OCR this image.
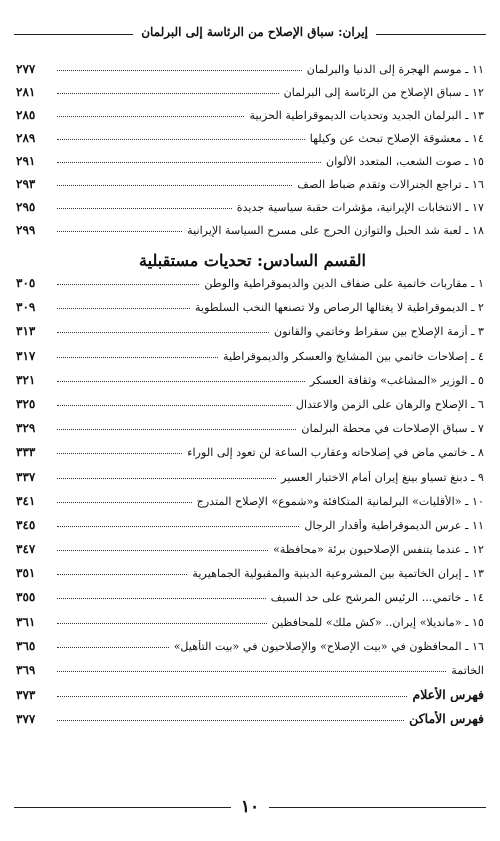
إيران: سباق الإصلاح من الرئاسة إلى البرلمان
١١ ـ موسم الهجرة إلى الدنيا والبرلمان
٢٧٧
١٢ ـ سباق الإصلاح من الرئاسة إلى البرلمان
٢٨١
١٣ ـ البرلمان الجديد وتحديات الديموقراطية الحزبية
٢٨٥
١٤ ـ معشوقة الإصلاح تبحث عن وكيلها
٢٨٩
١٥ ـ صوت الشعب، المتعدد الألوان
٢٩١
١٦ ـ تراجع الجنرالات وتقدم ضباط الصف
٢٩٣
١٧ ـ الانتخابات الإيرانية، مؤشرات حقبة سياسية جديدة
٢٩٥
١٨ ـ لعبة شد الحبل والتوازن الحرج على مسرح السياسة الإيرانية
٢٩٩
القسم السادس: تحديات مستقبلية
١ ـ مقاربات خاتمية على ضفاف الدين والديموقراطية والوطن
٣٠٥
٢ ـ الديموقراطية لا يغتالها الرصاص ولا تصنعها النخب السلطوية
٣٠٩
٣ ـ أزمة الإصلاح بين سقراط وخاتمي والقانون
٣١٣
٤ ـ إصلاحات خاتمي بين المشايخ والعسكر والديموقراطية
٣١٧
٥ ـ الوزير «المشاغب» وثقافة العسكر
٣٢١
٦ ـ الإصلاح والرهان على الزمن والاعتدال
٣٢٥
٧ ـ سباق الإصلاحات في محطة البرلمان
٣٢٩
٨ ـ خاتمي ماض في إصلاحاته وعقارب الساعة لن تعود إلى الوراء
٣٣٣
٩ ـ دبنغ تسياو بينغ إيران أمام الاختبار العسير
٣٣٧
١٠ ـ «الأقليات» البرلمانية المتكافئة و«شموع» الإصلاح المتدرج
٣٤١
١١ ـ عرس الديموقراطية وأقدار الرجال
٣٤٥
١٢ ـ عندما يتنفس الإصلاحيون برئة «محافظة»
٣٤٧
١٣ ـ إيران الخاتمية بين المشروعية الدينية والمقبولية الجماهيرية
٣٥١
١٤ ـ خاتمي... الرئيس المرشح على حد السيف
٣٥٥
١٥ ـ «مانديلا» إيران.. «كش ملك» للمحافظين
٣٦١
١٦ ـ المحافظون في «بيت الإصلاح» والإصلاحيون في «بيت التأهيل»
٣٦٥
الخاتمة
٣٦٩
فهرس الأعلام
٣٧٣
فهرس الأماكن
٣٧٧
١٠
